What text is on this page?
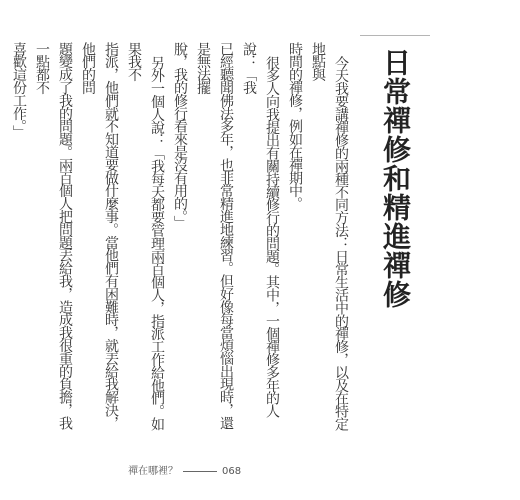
日常禪修和精進禪修

今天我要講禪修的兩種不同方法：日常生活中的禪修，以及在特定地點與

時間的禪修，例如在禪期中。

很多人向我提出有關持續修行的問題。其中，一個禪修多年的人說：「我

已經聽聞佛法多年，也非常精進地練習。但好像每當煩惱出現時，還是無法擺

脫，我的修行看來是沒有用的。」

另外一個人說：「我每天都要管理兩百個人，指派工作給他們。如果我不

指派，他們就不知道要做什麼事。當他們有困難時，就丟給我解決，他們的問

題變成了我的問題。兩百個人把問題丟給我，造成我很重的負擔，我一點都不

喜歡這份工作。」

禪在哪裡？	068
